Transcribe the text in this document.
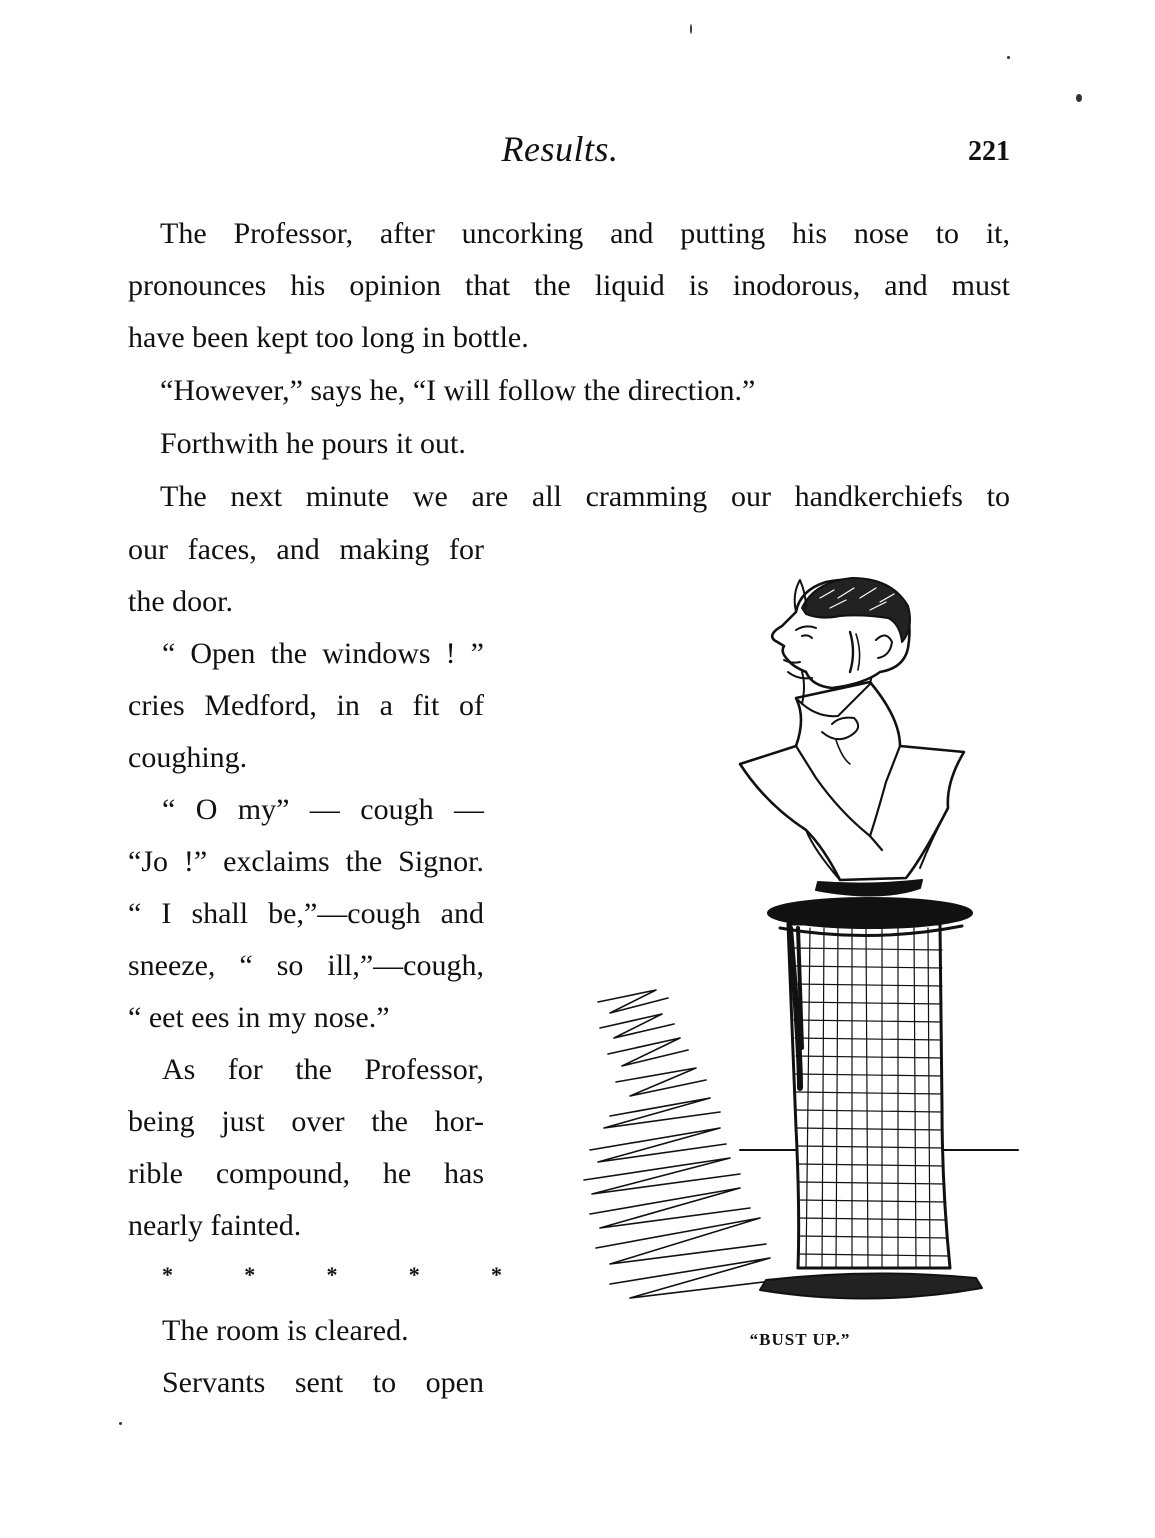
Results.	221
The Professor, after uncorking and putting his nose to it,
pronounces his opinion that the liquid is inodorous, and must
have been kept too long in bottle.
“However,” says he, “I will follow the direction.”
Forthwith he pours it out.
The next minute we are all cramming our handkerchiefs to
our faces, and making for
the door.
“ Open the windows ! ”
cries Medford, in a fit of
coughing.
“ O my” — cough —
“Jo !” exclaims the Signor.
“ I shall be,”—cough and
sneeze, “ so ill,”—cough,
“ eet ees in my nose.”
As for the Professor,
being just over the hor-
rible compound, he has
nearly fainted.
*	*	*	*	*
The room is cleared.
Servants sent to open
“BUST UP.”
